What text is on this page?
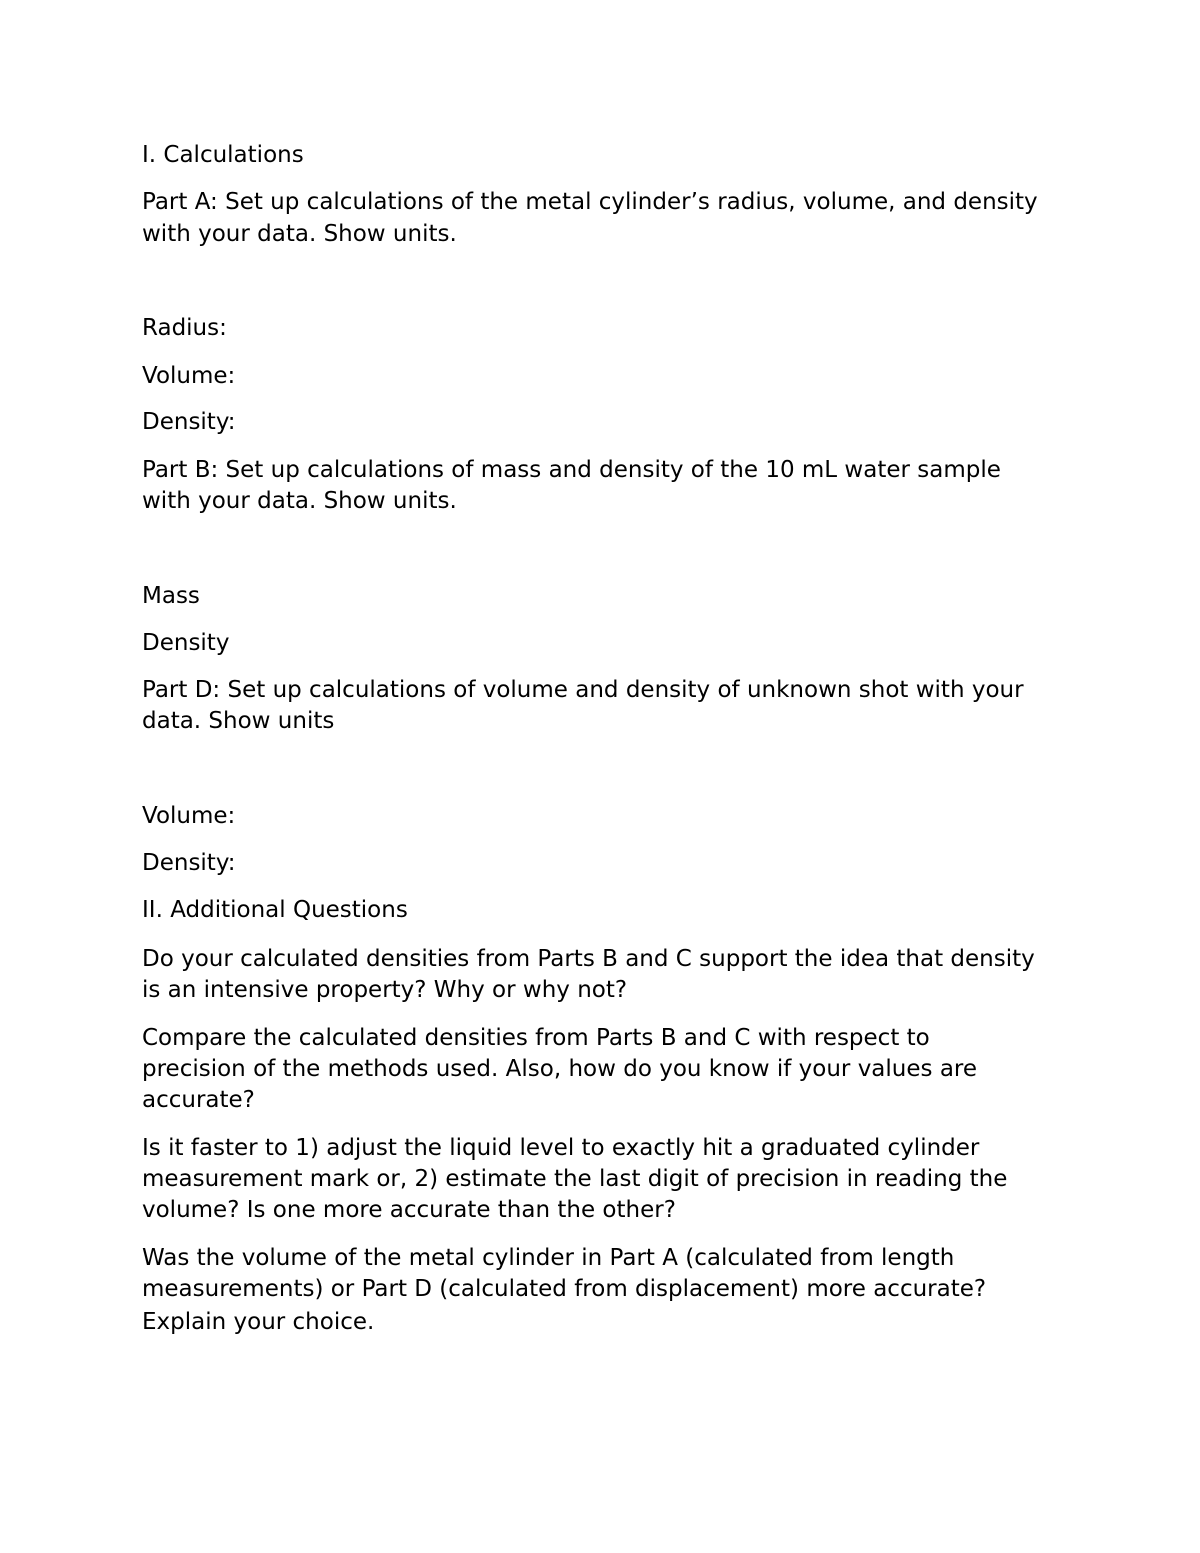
I. Calculations

Part A: Set up calculations of the metal cylinder’s radius, volume, and density

with your data. Show units.

Radius:

Volume:

Density:

Part B: Set up calculations of mass and density of the 10 mL water sample

with your data. Show units.

Mass

Density

Part D: Set up calculations of volume and density of unknown shot with your

data. Show units

Volume:

Density:

II. Additional Questions

Do your calculated densities from Parts B and C support the idea that density

is an intensive property? Why or why not?

Compare the calculated densities from Parts B and C with respect to

precision of the methods used. Also, how do you know if your values are

accurate?

Is it faster to 1) adjust the liquid level to exactly hit a graduated cylinder

measurement mark or, 2) estimate the last digit of precision in reading the

volume? Is one more accurate than the other?

Was the volume of the metal cylinder in Part A (calculated from length

measurements) or Part D (calculated from displacement) more accurate?

Explain your choice.
